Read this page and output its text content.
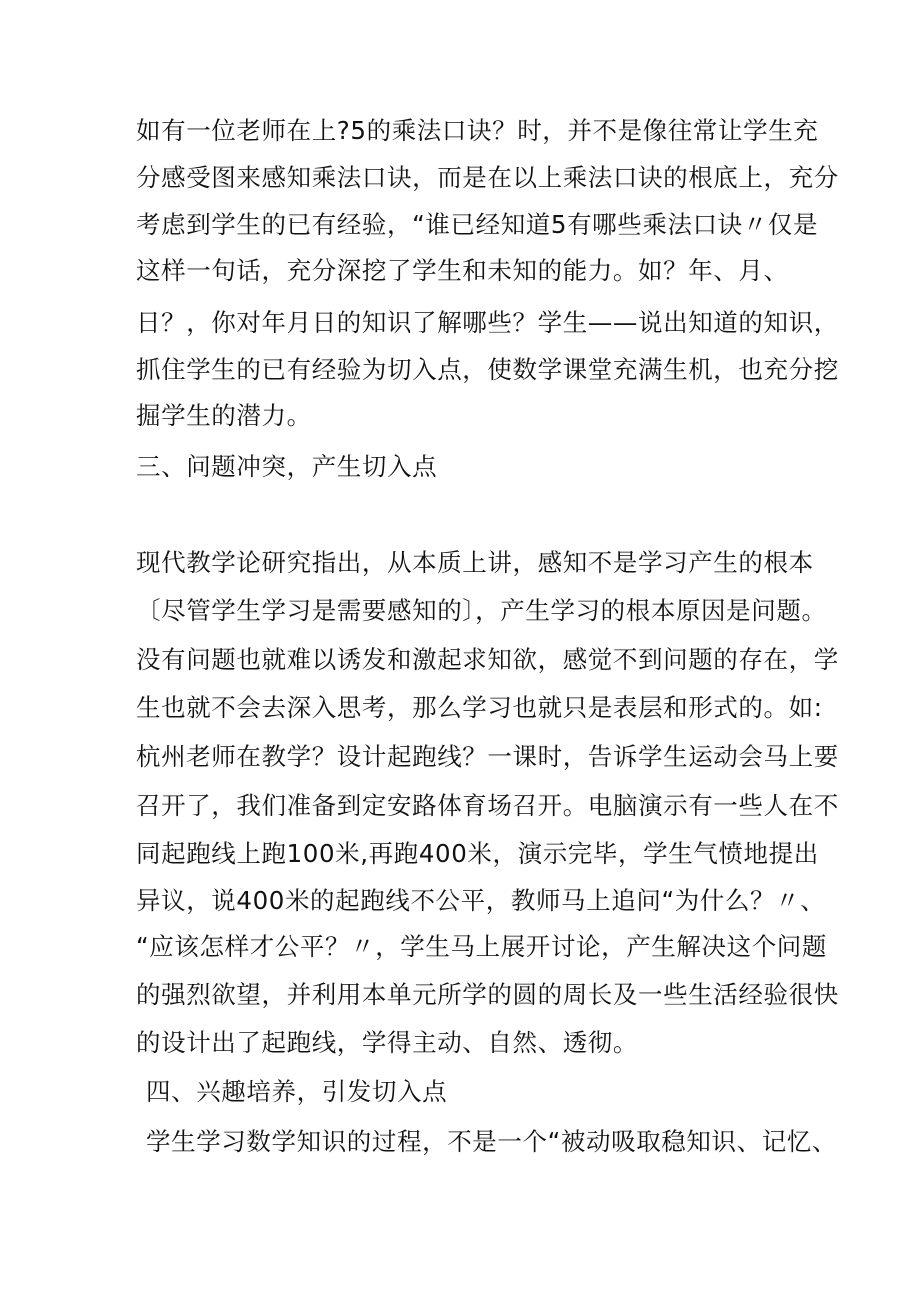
如有一位老师在上?5的乘法口诀？时，并不是像往常让学生充
分感受图来感知乘法口诀，而是在以上乘法口诀的根底上，充分
考虑到学生的已有经验，“谁已经知道5有哪些乘法口诀〃仅是
这样一句话，充分深挖了学生和未知的能力。如？年、月、
日？，你对年月日的知识了解哪些？学生——说出知道的知识，
抓住学生的已有经验为切入点，使数学课堂充满生机，也充分挖
掘学生的潜力。
三、问题冲突，产生切入点
现代教学论研究指出，从本质上讲，感知不是学习产生的根本
〔尽管学生学习是需要感知的〕，产生学习的根本原因是问题。
没有问题也就难以诱发和激起求知欲，感觉不到问题的存在，学
生也就不会去深入思考，那么学习也就只是表层和形式的。如:
杭州老师在教学？设计起跑线？一课时，告诉学生运动会马上要
召开了，我们准备到定安路体育场召开。电脑演示有一些人在不
同起跑线上跑100米,再跑400米，演示完毕，学生气愤地提出
异议，说400米的起跑线不公平，教师马上追问“为什么？〃、
“应该怎样才公平？〃，学生马上展开讨论，产生解决这个问题
的强烈欲望，并利用本单元所学的圆的周长及一些生活经验很快
的设计出了起跑线，学得主动、自然、透彻。
四、兴趣培养，引发切入点
学生学习数学知识的过程，不是一个“被动吸取稳知识、记忆、
